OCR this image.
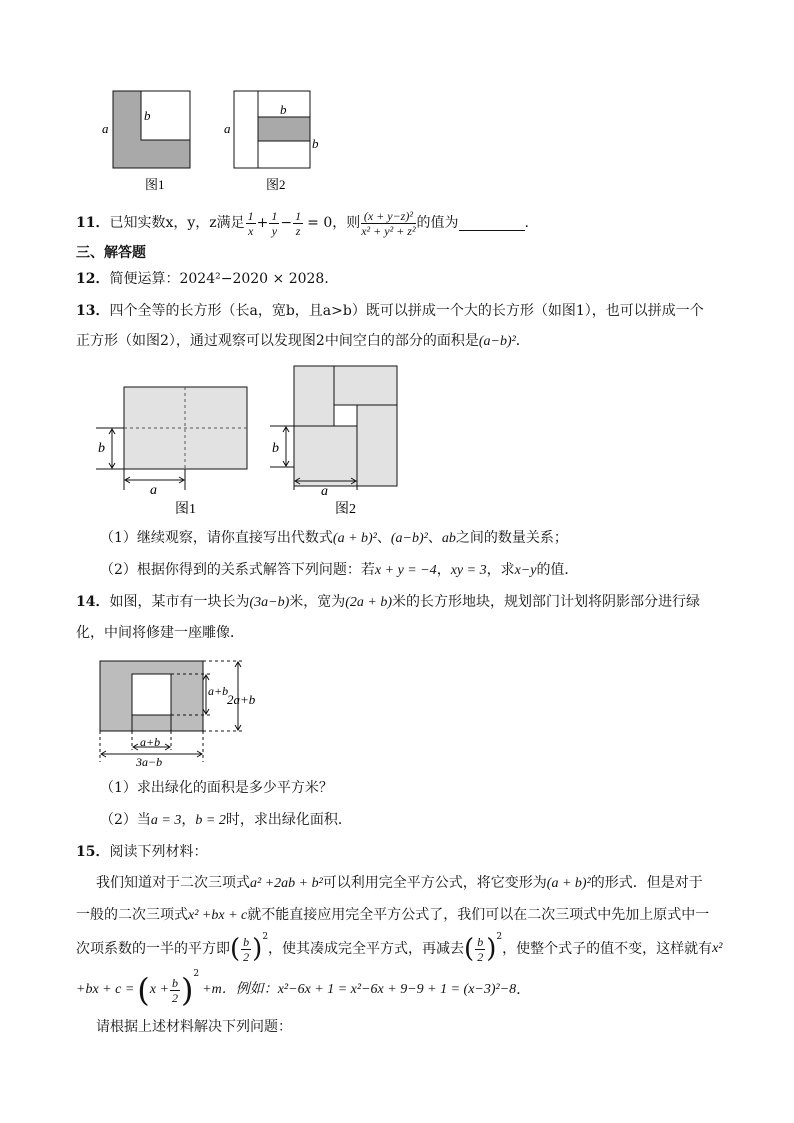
a
b
图1
a
b
b
图2
11． 已知实数x，y，z满足 $\frac{1}{x} + \frac{1}{y} - \frac{1}{z} = 0$，则 $\frac{\text{(x + y−z)²}}{\text{x² + y² + z²}}$ 的值为	.
三、解答题
12．简便运算：2024²−2020 × 2028．
13．四个全等的长方形（长a，宽b，且a>b）既可以拼成一个大的长方形（如图1），也可以拼成一个
正方形（如图2），通过观察可以发现图2中间空白的部分的面积是(a−b)²．
b
a
图1
b
a
图2
（1）继续观察，请你直接写出代数式(a + b)²、(a−b)²、ab之间的数量关系；
（2）根据你得到的关系式解答下列问题：若x + y = −4，xy = 3，求x−y的值．
14．如图，某市有一块长为(3a−b)米，宽为(2a + b)米的长方形地块，规划部门计划将阴影部分进行绿
化，中间将修建一座雕像．
a+b
2a+b
a+b
3a−b
（1）求出绿化的面积是多少平方米？
（2）当a = 3，b = 2时，求出绿化面积．
15．阅读下列材料：
我们知道对于二次三项式a² +2ab + b²可以利用完全平方公式，将它变形为(a + b)²的形式．但是对于
一般的二次三项式x² +bx + c就不能直接应用完全平方公式了，我们可以在二次三项式中先加上原式中一
次项系数的一半的平方即 ( $\frac{b}{2}$ ) 2
，使其凑成完全平方式，再减去 ( $\frac{b}{2}$ ) 2
，使整个式子的值不变，这样就有 x²
+bx + c = ( $x + \frac{b}{2}$ ) 2
+m．例如： x²−6x + 1 = x²−6x + 9−9 + 1 = (x−3)²−8 ．
请根据上述材料解决下列问题：
